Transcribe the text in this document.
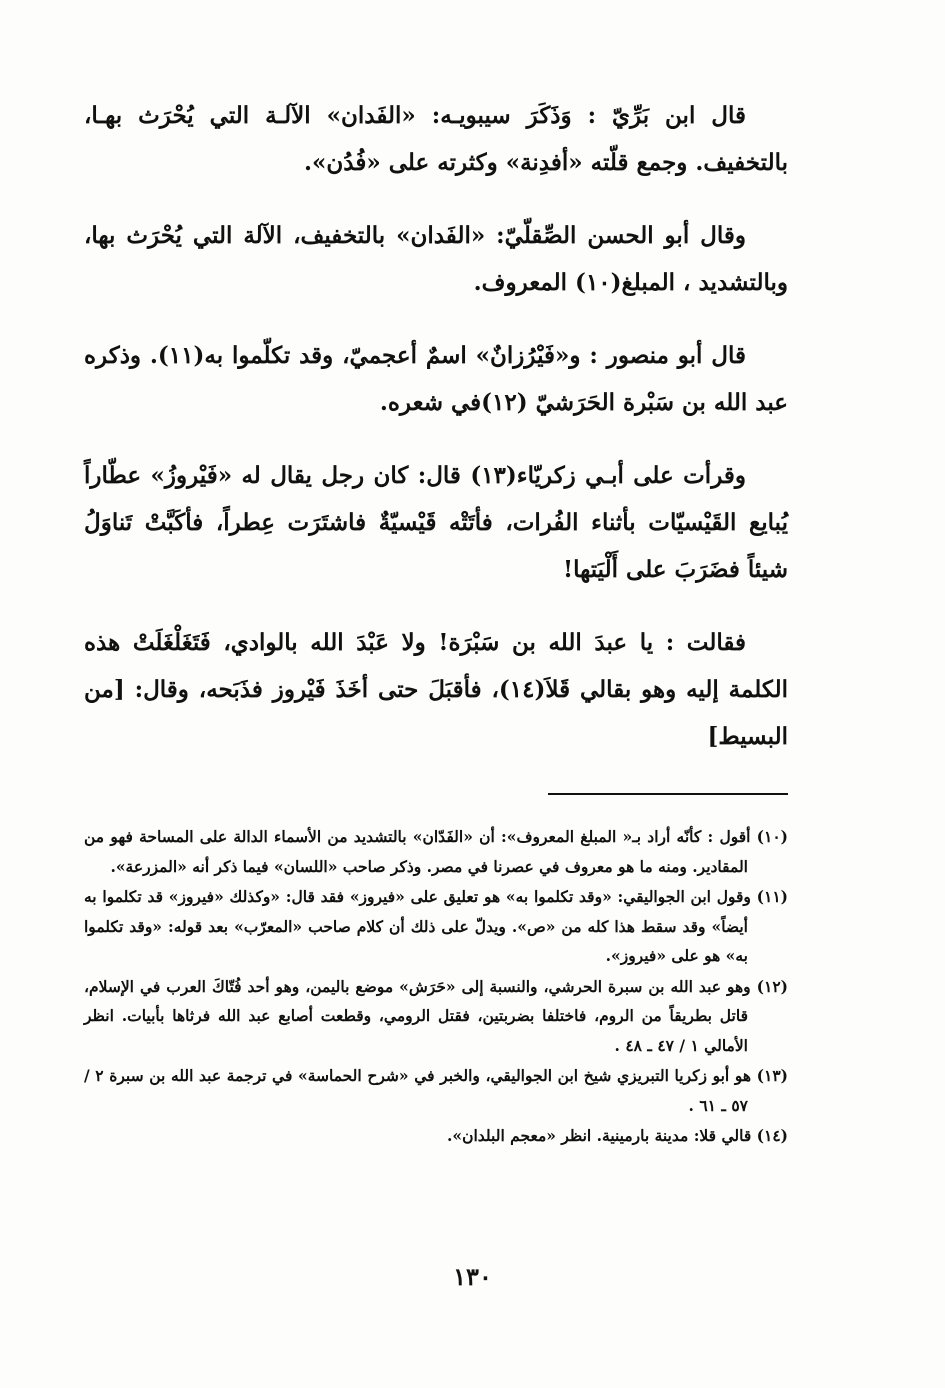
قال ابن بَرِّيّ : وَذَكَرَ سيبويـه: «الفَدان» الآلـة التي يُحْرَث بهـا، بالتخفيف. وجمع قلّته «أفدِنة» وكثرته على «فُدُن».

وقال أبو الحسن الصِّقلّيّ: «الفَدان» بالتخفيف، الآلة التي يُحْرَث بها، وبالتشديد ، المبلغ(١٠) المعروف.

قال أبو منصور : و«فَيْرُزانٌ» اسمٌ أعجميّ، وقد تكلّموا به(١١). وذكره عبد الله بن سَبْرة الحَرَشيّ (١٢)في شعره.

وقرأت على أبـي زكريّاء(١٣) قال: كان رجل يقال له «فَيْروزُ» عطّاراً يُبايع القَيْسيّات بأثناء الفُرات، فأتَتْه قَيْسيّةٌ فاشتَرَت عِطراً، فأكَبَّتْ تَناوَلُ شيئاً فضَرَبَ على أَلْيَتها!

فقالت : يا عبدَ الله بن سَبْرَة! ولا عَبْدَ الله بالوادي، فَتَغَلْغَلَتْ هذه الكلمة إليه وهو بقالي قَلاَ(١٤)، فأقبَلَ حتى أخَذَ فَيْروز فذَبَحه، وقال: [من البسيط]

(١٠) أقول : كأنّه أراد بـ« المبلغ المعروف»: أن «الفَدّان» بالتشديد من الأسماء الدالة على المساحة فهو من المقادير. ومنه ما هو معروف في عصرنا في مصر. وذكر صاحب «اللسان» فيما ذكر أنه «المزرعة».

(١١) وقول ابن الجواليقي: «وقد تكلموا به» هو تعليق على «فيروز» فقد قال: «وكذلك «فيروز» قد تكلموا به أيضاً» وقد سقط هذا كله من «ص». ويدلّ على ذلك أن كلام صاحب «المعرّب» بعد قوله: «وقد تكلموا به» هو على «فيروز».

(١٢) وهو عبد الله بن سبرة الحرشي، والنسبة إلى «حَرَش» موضع باليمن، وهو أحد فُتّاكَ العرب في الإسلام، قاتل بطريقاً من الروم، فاختلفا بضربتين، فقتل الرومي، وقطعت أصابع عبد الله فرثاها بأبيات. انظر الأمالي ١ / ٤٧ ـ ٤٨ .

(١٣) هو أبو زكريا التبريزي شيخ ابن الجواليقي، والخبر في «شرح الحماسة» في ترجمة عبد الله بن سبرة ٢ / ٥٧ ـ ٦١ .

(١٤) قالي قلا: مدينة بارمينية. انظر «معجم البلدان».

١٣٠
